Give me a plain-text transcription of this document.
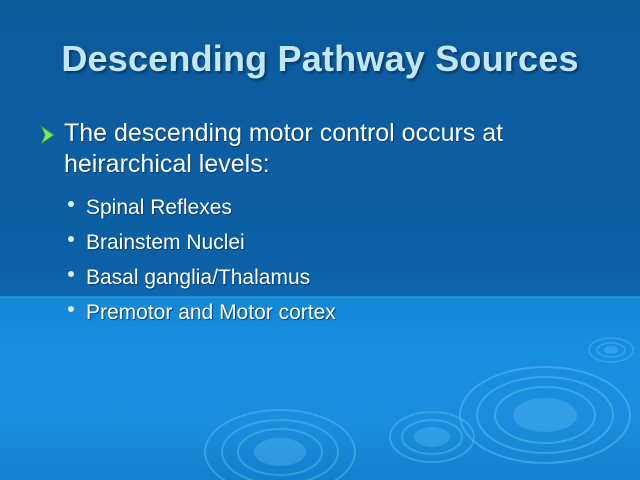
Descending Pathway Sources
The descending motor control occurs at heirarchical levels:
Spinal Reflexes
Brainstem Nuclei
Basal ganglia/Thalamus
Premotor and Motor cortex
